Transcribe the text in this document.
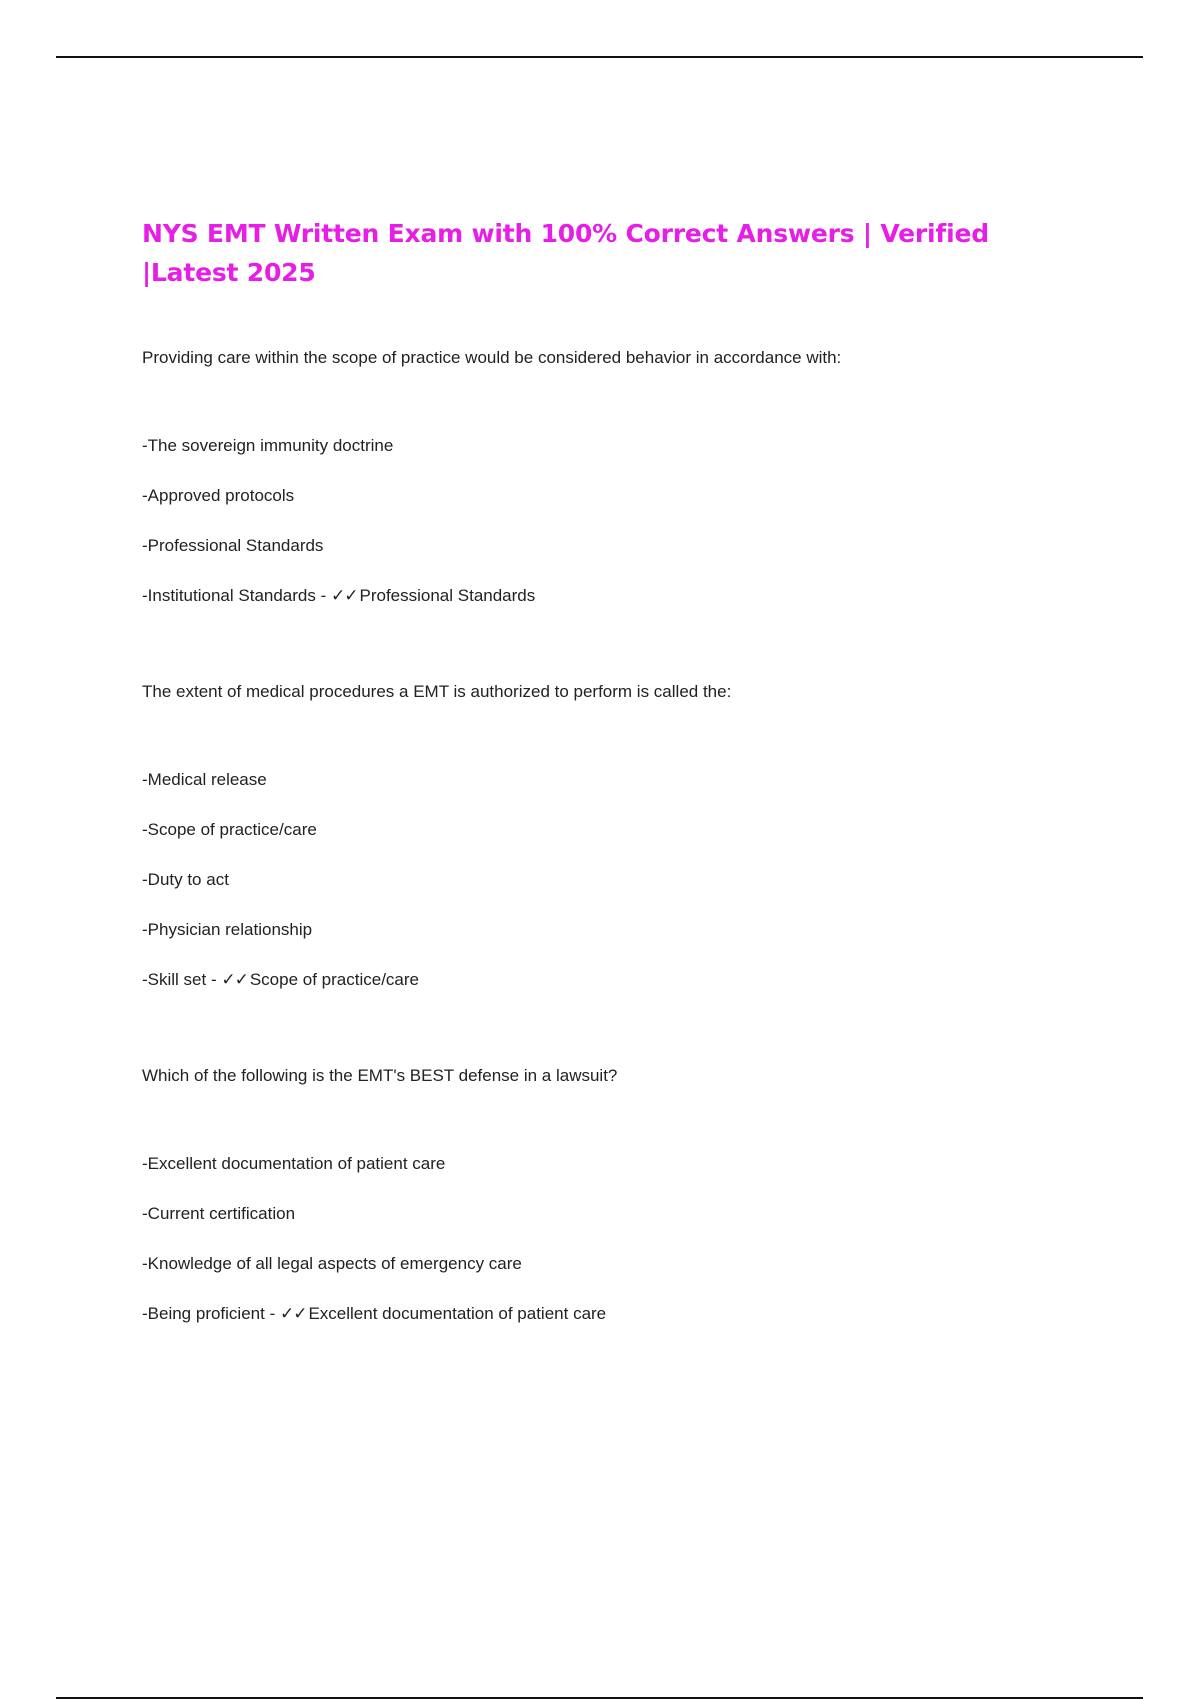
NYS EMT Written Exam with 100% Correct Answers | Verified |Latest 2025

Providing care within the scope of practice would be considered behavior in accordance with:

-The sovereign immunity doctrine
-Approved protocols
-Professional Standards
-Institutional Standards - ✓✓ Professional Standards

The extent of medical procedures a EMT is authorized to perform is called the:

-Medical release
-Scope of practice/care
-Duty to act
-Physician relationship
-Skill set - ✓✓ Scope of practice/care

Which of the following is the EMT's BEST defense in a lawsuit?

-Excellent documentation of patient care
-Current certification
-Knowledge of all legal aspects of emergency care
-Being proficient - ✓✓ Excellent documentation of patient care
